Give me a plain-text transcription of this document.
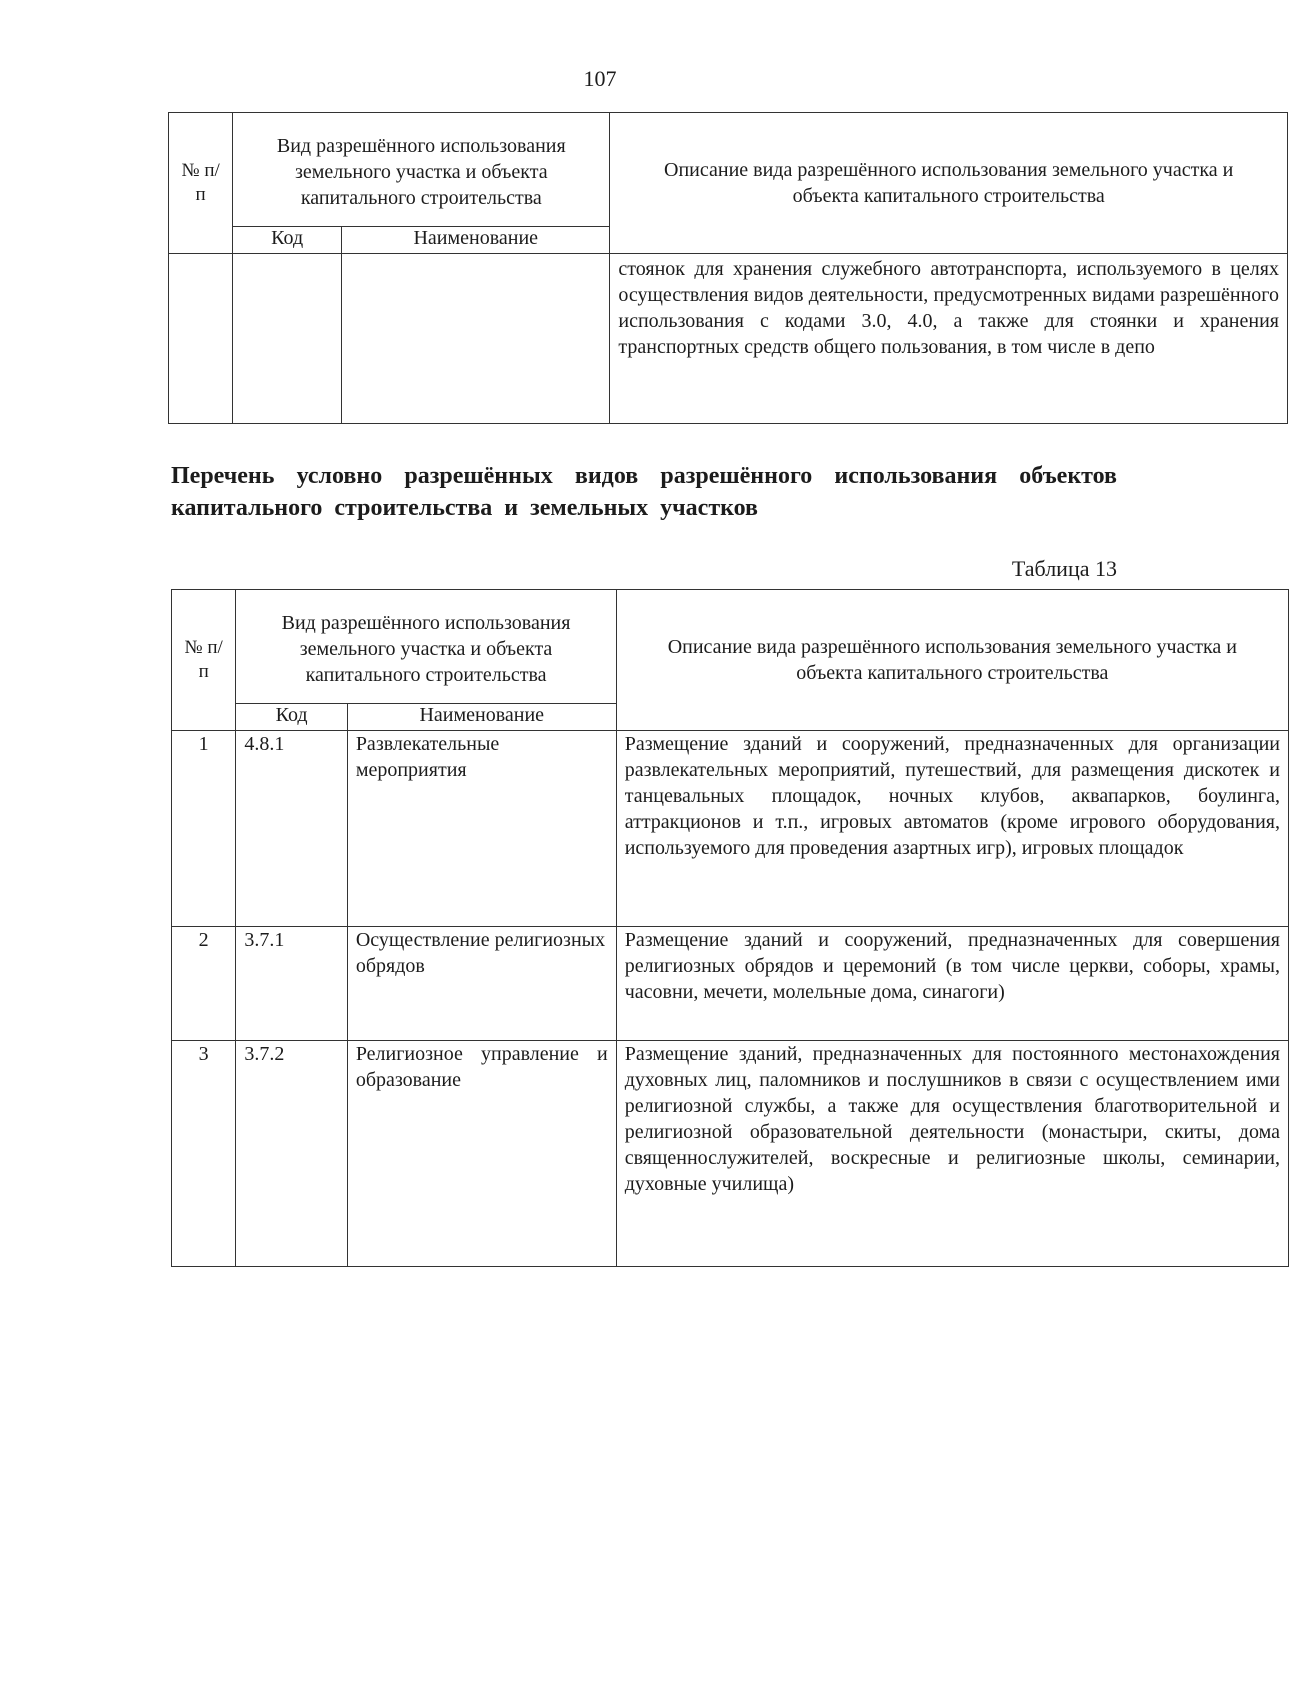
107
№ п/п	Вид разрешённого использования земельного участка и объекта капитального строительства		Описание вида разрешённого использования земельного участка и объекта капитального строительства
	Код	Наименование	
			стоянок для хранения служебного автотранспорта, используемого в целях осуществления видов деятельности, предусмотренных видами разрешённого использования с кодами 3.0, 4.0, а также для стоянки и хранения транспортных средств общего пользования, в том числе в депо
Перечень условно разрешённых видов разрешённого использования объектов капитального строительства и земельных участков
Таблица 13
№ п/п	Вид разрешённого использования земельного участка и объекта капитального строительства		Описание вида разрешённого использования земельного участка и объекта капитального строительства
	Код	Наименование	
1	4.8.1	Развлекательные мероприятия	Размещение зданий и сооружений, предназначенных для организации развлекательных мероприятий, путешествий, для размещения дискотек и танцевальных площадок, ночных клубов, аквапарков, боулинга, аттракционов и т.п., игровых автоматов (кроме игрового оборудования, используемого для проведения азартных игр), игровых площадок
2	3.7.1	Осуществление религиозных обрядов	Размещение зданий и сооружений, предназначенных для совершения религиозных обрядов и церемоний (в том числе церкви, соборы, храмы, часовни, мечети, молельные дома, синагоги)
3	3.7.2	Религиозное управление и образование	Размещение зданий, предназначенных для постоянного местонахождения духовных лиц, паломников и послушников в связи с осуществлением ими религиозной службы, а также для осуществления благотворительной и религиозной образовательной деятельности (монастыри, скиты, дома священнослужителей, воскресные и религиозные школы, семинарии, духовные училища)
